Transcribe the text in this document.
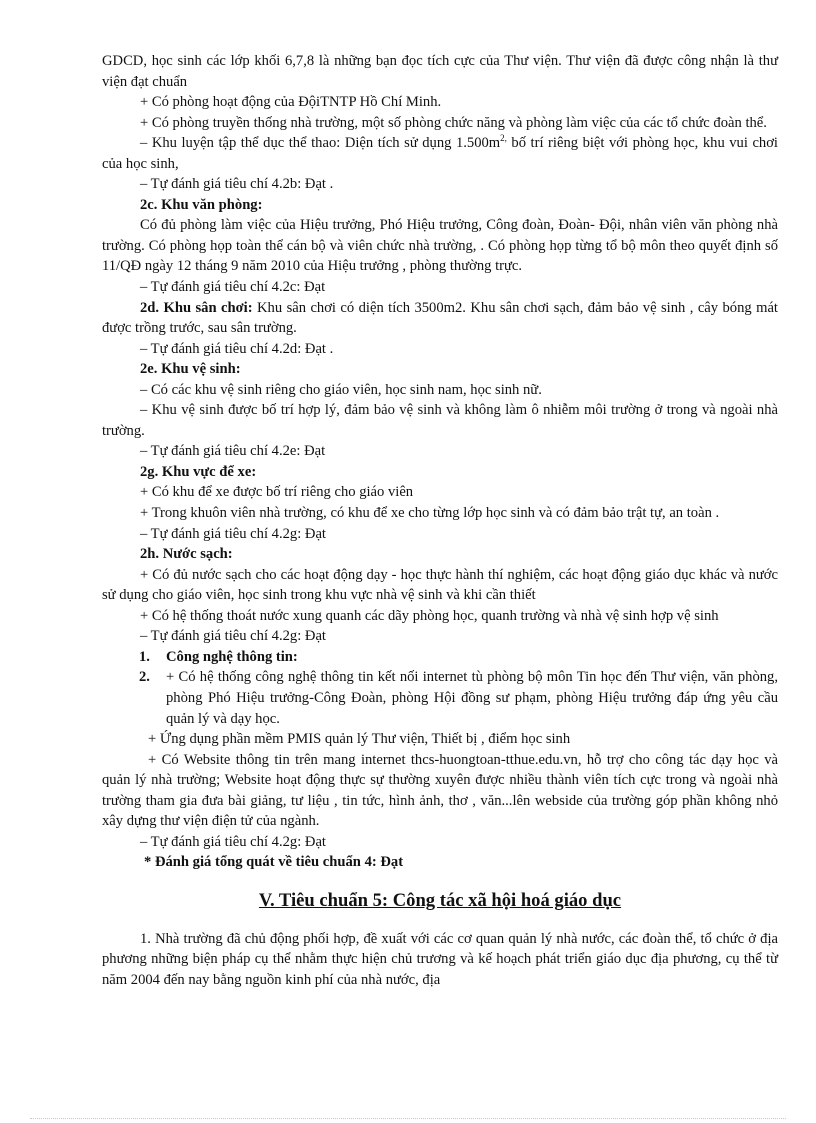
GDCD, học sinh các lớp khối 6,7,8 là những bạn đọc tích cực của Thư viện. Thư viện đã được công nhận là thư viện đạt chuẩn

+ Có phòng hoạt động của ĐộiTNTP Hồ Chí Minh.

+ Có phòng truyền thống nhà trường, một số phòng chức năng và phòng làm việc của các tổ chức đoàn thể.

– Khu luyện tập thể dục thể thao: Diện tích sử dụng $1.500m^{2,}$ bố trí riêng biệt với phòng học, khu vui chơi của học sinh,

– Tự đánh giá tiêu chí 4.2b: Đạt .

2c. Khu văn phòng:

Có đủ phòng làm việc của Hiệu trưởng, Phó Hiệu trưởng, Công đoàn, Đoàn- Đội, nhân viên văn phòng nhà trường. Có phòng họp toàn thể cán bộ và viên chức nhà trường, . Có phòng họp từng tổ bộ môn theo quyết định số 11/QĐ ngày 12 tháng 9 năm 2010 của Hiệu trưởng , phòng thường trực.

– Tự đánh giá tiêu chí 4.2c: Đạt

2d. Khu sân chơi: Khu sân chơi có diện tích 3500m2. Khu sân chơi sạch, đảm bảo vệ sinh , cây bóng mát được trồng trước, sau sân trường.

– Tự đánh giá tiêu chí 4.2d: Đạt .

2e. Khu vệ sinh:

– Có các khu vệ sinh riêng cho giáo viên, học sinh nam, học sinh nữ.

– Khu vệ sinh được bố trí hợp lý, đảm bảo vệ sinh và không làm ô nhiễm môi trường ở trong và ngoài nhà trường.

– Tự đánh giá tiêu chí 4.2e: Đạt

2g. Khu vực để xe:

+ Có khu để xe được bố trí riêng cho giáo viên

+ Trong khuôn viên nhà trường, có khu để xe cho từng lớp học sinh và có đảm bảo trật tự, an toàn .

– Tự đánh giá tiêu chí 4.2g: Đạt

2h. Nước sạch:

+ Có đủ nước sạch cho các hoạt động dạy - học thực hành thí nghiệm, các hoạt động giáo dục khác và nước sử dụng cho giáo viên, học sinh trong khu vực nhà vệ sinh và khi cần thiết

+ Có hệ thống thoát nước xung quanh các dãy phòng học, quanh trường và nhà vệ sinh hợp vệ sinh

– Tự đánh giá tiêu chí 4.2g: Đạt

1.	Công nghệ thông tin:
2.	+ Có hệ thống công nghệ thông tin kết nối internet tù phòng bộ môn Tin học đến Thư viện, văn phòng, phòng Phó Hiệu trưởng-Công Đoàn, phòng Hội đồng sư phạm, phòng Hiệu trưởng đáp ứng yêu cầu quản lý và dạy học.

+ Ứng dụng phần mềm PMIS quản lý Thư viện, Thiết bị , điểm học sinh

+ Có Website thông tin trên mang internet thcs-huongtoan-tthue.edu.vn, hỗ trợ cho công tác dạy học và quản lý nhà trường; Website hoạt động thực sự thường xuyên được nhiều thành viên tích cực trong và ngoài nhà trường tham gia đưa bài giảng, tư liệu , tin tức, hình ảnh, thơ , văn...lên webside của trường góp phần không nhỏ xây dựng thư viện điện tử của ngành.

– Tự đánh giá tiêu chí 4.2g: Đạt

* Đánh giá tổng quát về tiêu chuẩn 4: Đạt

V. Tiêu chuẩn 5: Công tác xã hội hoá giáo dục

1. Nhà trường đã chủ động phối hợp, đề xuất với các cơ quan quản lý nhà nước, các đoàn thể, tổ chức ở địa phương những biện pháp cụ thể nhằm thực hiện chủ trương và kế hoạch phát triển giáo dục địa phương, cụ thể từ năm 2004 đến nay bằng nguồn kinh phí của nhà nước, địa
